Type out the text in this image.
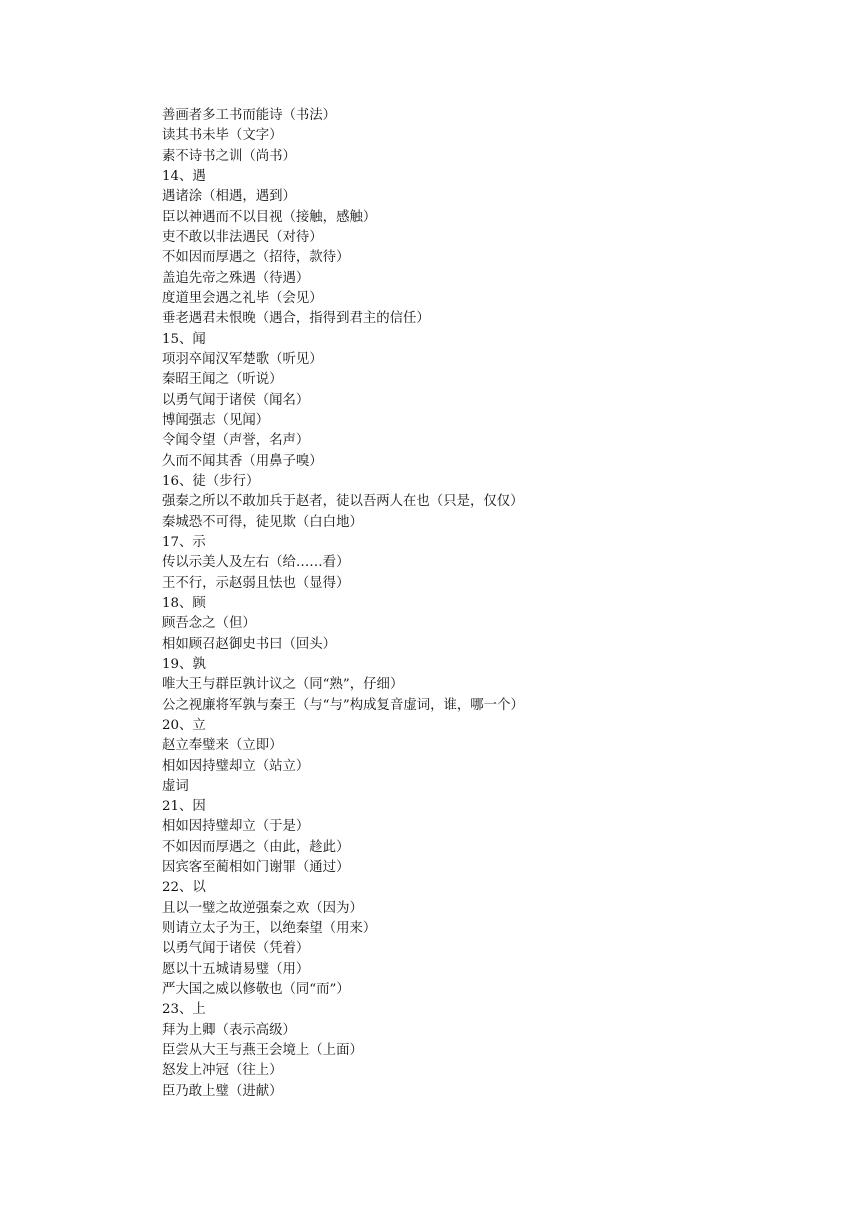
善画者多工书而能诗（书法）
读其书未毕（文字）
素不诗书之训（尚书）
14、遇
遇诸涂（相遇，遇到）
臣以神遇而不以目视（接触，感触）
吏不敢以非法遇民（对待）
不如因而厚遇之（招待，款待）
盖追先帝之殊遇（待遇）
度道里会遇之礼毕（会见）
垂老遇君未恨晚（遇合，指得到君主的信任）
15、闻
项羽卒闻汉军楚歌（听见）
秦昭王闻之（听说）
以勇气闻于诸侯（闻名）
博闻强志（见闻）
令闻令望（声誉，名声）
久而不闻其香（用鼻子嗅）
16、徒（步行）
强秦之所以不敢加兵于赵者，徒以吾两人在也（只是，仅仅）
秦城恐不可得，徒见欺（白白地）
17、示
传以示美人及左右（给……看）
王不行，示赵弱且怯也（显得）
18、顾
顾吾念之（但）
相如顾召赵御史书曰（回头）
19、孰
唯大王与群臣孰计议之（同“熟”，仔细）
公之视廉将军孰与秦王（与“与”构成复音虚词，谁，哪一个）
20、立
赵立奉璧来（立即）
相如因持璧却立（站立）
虚词
21、因
相如因持璧却立（于是）
不如因而厚遇之（由此，趁此）
因宾客至蔺相如门谢罪（通过）
22、以
且以一璧之故逆强秦之欢（因为）
则请立太子为王，以绝秦望（用来）
以勇气闻于诸侯（凭着）
愿以十五城请易璧（用）
严大国之威以修敬也（同“而”）
23、上
拜为上卿（表示高级）
臣尝从大王与燕王会境上（上面）
怒发上冲冠（往上）
臣乃敢上璧（进献）
